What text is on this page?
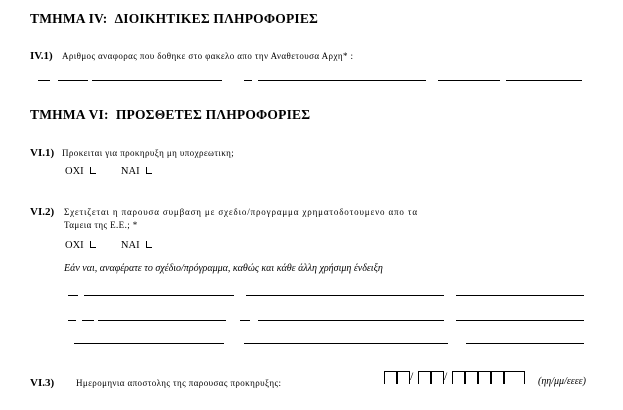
ΤΜΗΜΑ IV: ΔΙΟΙΚΗΤΙΚΕΣ ΠΛΗΡΟΦΟΡΙΕΣ
IV.1) Αριθμος αναφορας που δοθηκε στο φακελο απο την Αναθετουσα Αρχη* :
ΤΜΗΜΑ VI: ΠΡΟΣΘΕΤΕΣ ΠΛΗΡΟΦΟΡΙΕΣ
VI.1) Προκειται για προκηρυξη μη υποχρεωτικη;
ΟΧΙ	ΝΑΙ
VI.2) Σχετιζεται η παρουσα συμβαση με σχεδιο/προγραμμα χρηματοδοτουμενο απο τα
Ταμεια της Ε.Ε.; *
ΟΧΙ	ΝΑΙ
Εάν ναι, αναφέρατε το σχέδιο/πρόγραμμα, καθώς και κάθε άλλη χρήσιμη ένδειξη
VI.3) Ημερομηνια αποστολης της παρουσας προκηρυξης:	/	/	(ηη/μμ/εεεε)
